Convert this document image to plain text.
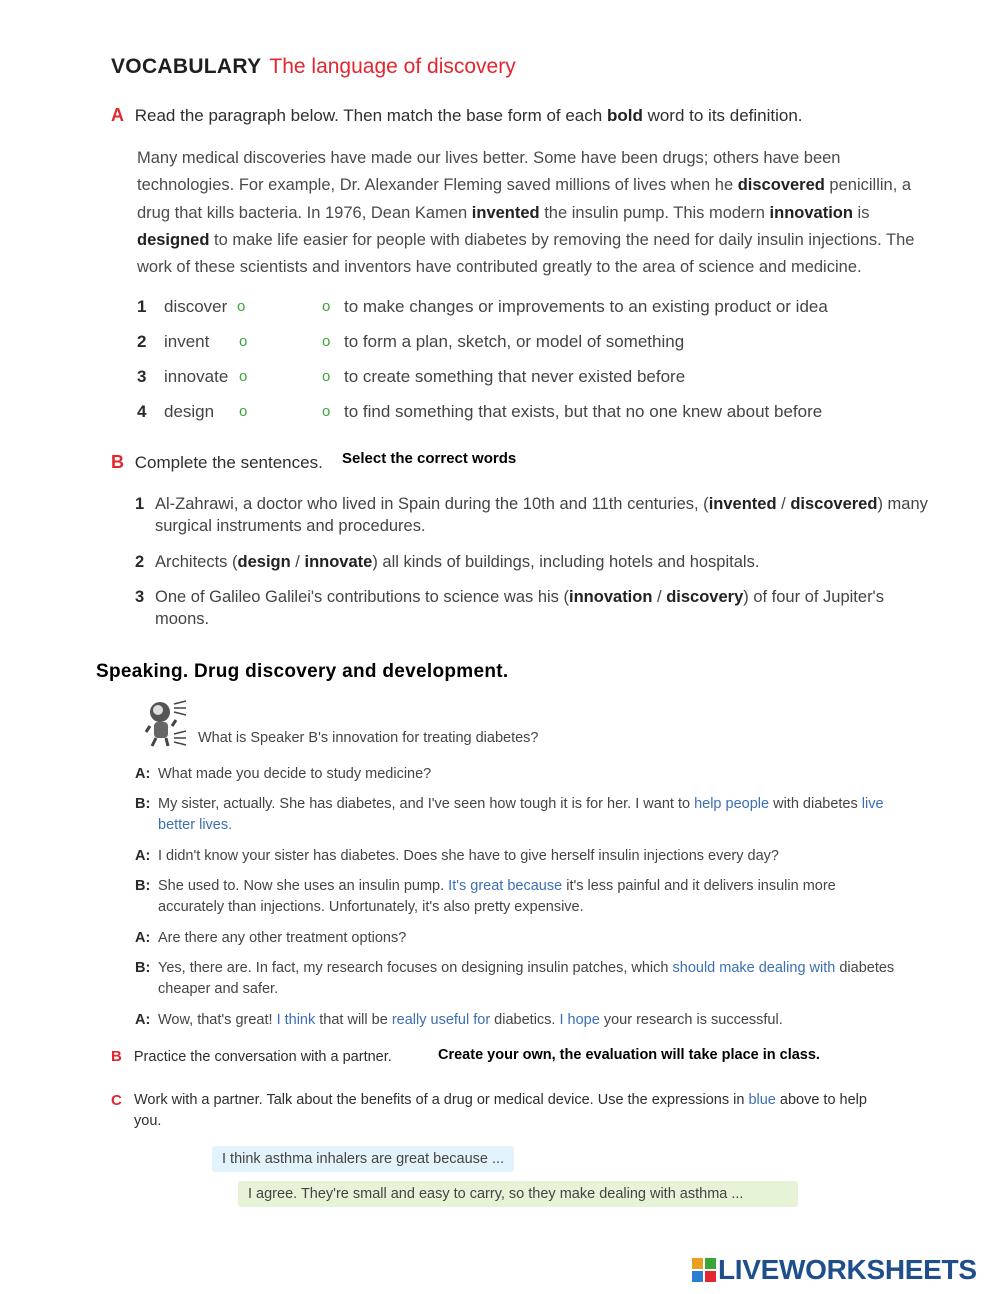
VOCABULARY The language of discovery
A Read the paragraph below. Then match the base form of each bold word to its definition.
Many medical discoveries have made our lives better. Some have been drugs; others have been technologies. For example, Dr. Alexander Fleming saved millions of lives when he discovered penicillin, a drug that kills bacteria. In 1976, Dean Kamen invented the insulin pump. This modern innovation is designed to make life easier for people with diabetes by removing the need for daily insulin injections. The work of these scientists and inventors have contributed greatly to the area of science and medicine.
1 discover o	o to make changes or improvements to an existing product or idea
2 invent o	o to form a plan, sketch, or model of something
3 innovate o	o to create something that never existed before
4 design o	o to find something that exists, but that no one knew about before
B Complete the sentences. Select the correct words
1 Al-Zahrawi, a doctor who lived in Spain during the 10th and 11th centuries, (invented / discovered) many surgical instruments and procedures.
2 Architects (design / innovate) all kinds of buildings, including hotels and hospitals.
3 One of Galileo Galilei's contributions to science was his (innovation / discovery) of four of Jupiter's moons.
Speaking. Drug discovery and development.
What is Speaker B's innovation for treating diabetes?
A: What made you decide to study medicine?
B: My sister, actually. She has diabetes, and I've seen how tough it is for her. I want to help people with diabetes live better lives.
A: I didn't know your sister has diabetes. Does she have to give herself insulin injections every day?
B: She used to. Now she uses an insulin pump. It's great because it's less painful and it delivers insulin more accurately than injections. Unfortunately, it's also pretty expensive.
A: Are there any other treatment options?
B: Yes, there are. In fact, my research focuses on designing insulin patches, which should make dealing with diabetes cheaper and safer.
A: Wow, that's great! I think that will be really useful for diabetics. I hope your research is successful.
B Practice the conversation with a partner.	Create your own, the evaluation will take place in class.
C Work with a partner. Talk about the benefits of a drug or medical device. Use the expressions in blue above to help you.
I think asthma inhalers are great because ...
I agree. They're small and easy to carry, so they make dealing with asthma ...
LIVEWORKSHEETS
